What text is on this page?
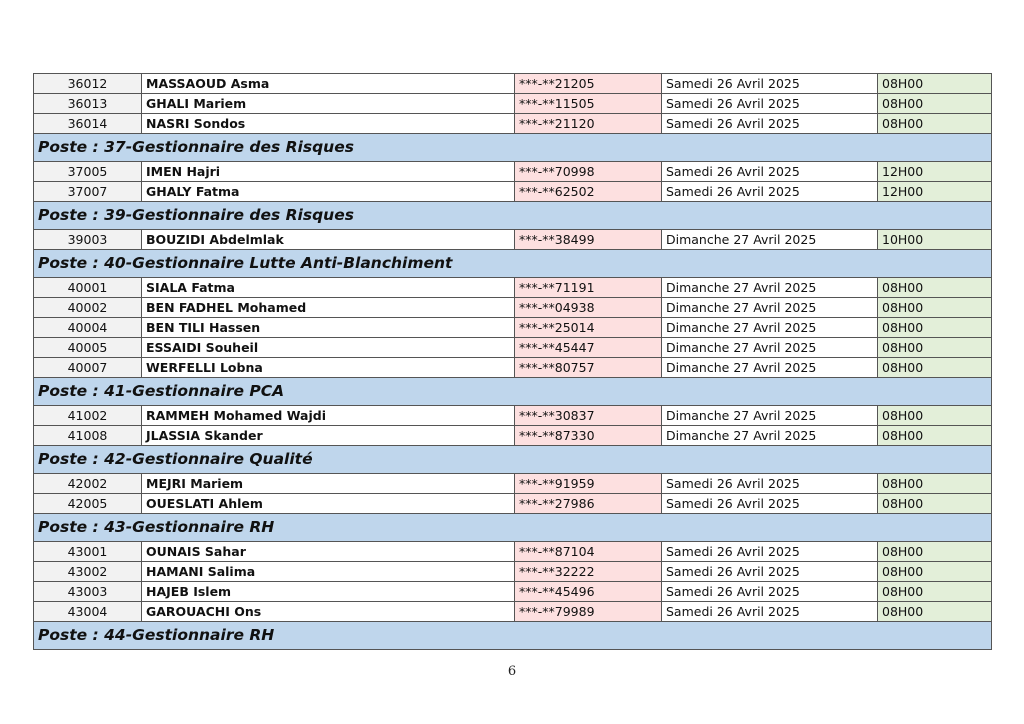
36012	MASSAOUD Asma	***-**21205	Samedi 26 Avril 2025	08H00
36013	GHALI Mariem	***-**11505	Samedi 26 Avril 2025	08H00
36014	NASRI Sondos	***-**21120	Samedi 26 Avril 2025	08H00
Poste : 37-Gestionnaire des Risques				
37005	IMEN Hajri	***-**70998	Samedi 26 Avril 2025	12H00
37007	GHALY Fatma	***-**62502	Samedi 26 Avril 2025	12H00
Poste : 39-Gestionnaire des Risques				
39003	BOUZIDI Abdelmlak	***-**38499	Dimanche 27 Avril 2025	10H00
Poste : 40-Gestionnaire Lutte Anti-Blanchiment				
40001	SIALA Fatma	***-**71191	Dimanche 27 Avril 2025	08H00
40002	BEN FADHEL Mohamed	***-**04938	Dimanche 27 Avril 2025	08H00
40004	BEN TILI Hassen	***-**25014	Dimanche 27 Avril 2025	08H00
40005	ESSAIDI Souheil	***-**45447	Dimanche 27 Avril 2025	08H00
40007	WERFELLI Lobna	***-**80757	Dimanche 27 Avril 2025	08H00
Poste : 41-Gestionnaire PCA				
41002	RAMMEH Mohamed Wajdi	***-**30837	Dimanche 27 Avril 2025	08H00
41008	JLASSIA Skander	***-**87330	Dimanche 27 Avril 2025	08H00
Poste : 42-Gestionnaire Qualité				
42002	MEJRI Mariem	***-**91959	Samedi 26 Avril 2025	08H00
42005	OUESLATI Ahlem	***-**27986	Samedi 26 Avril 2025	08H00
Poste : 43-Gestionnaire RH				
43001	OUNAIS Sahar	***-**87104	Samedi 26 Avril 2025	08H00
43002	HAMANI Salima	***-**32222	Samedi 26 Avril 2025	08H00
43003	HAJEB Islem	***-**45496	Samedi 26 Avril 2025	08H00
43004	GAROUACHI Ons	***-**79989	Samedi 26 Avril 2025	08H00
Poste : 44-Gestionnaire RH				
6
